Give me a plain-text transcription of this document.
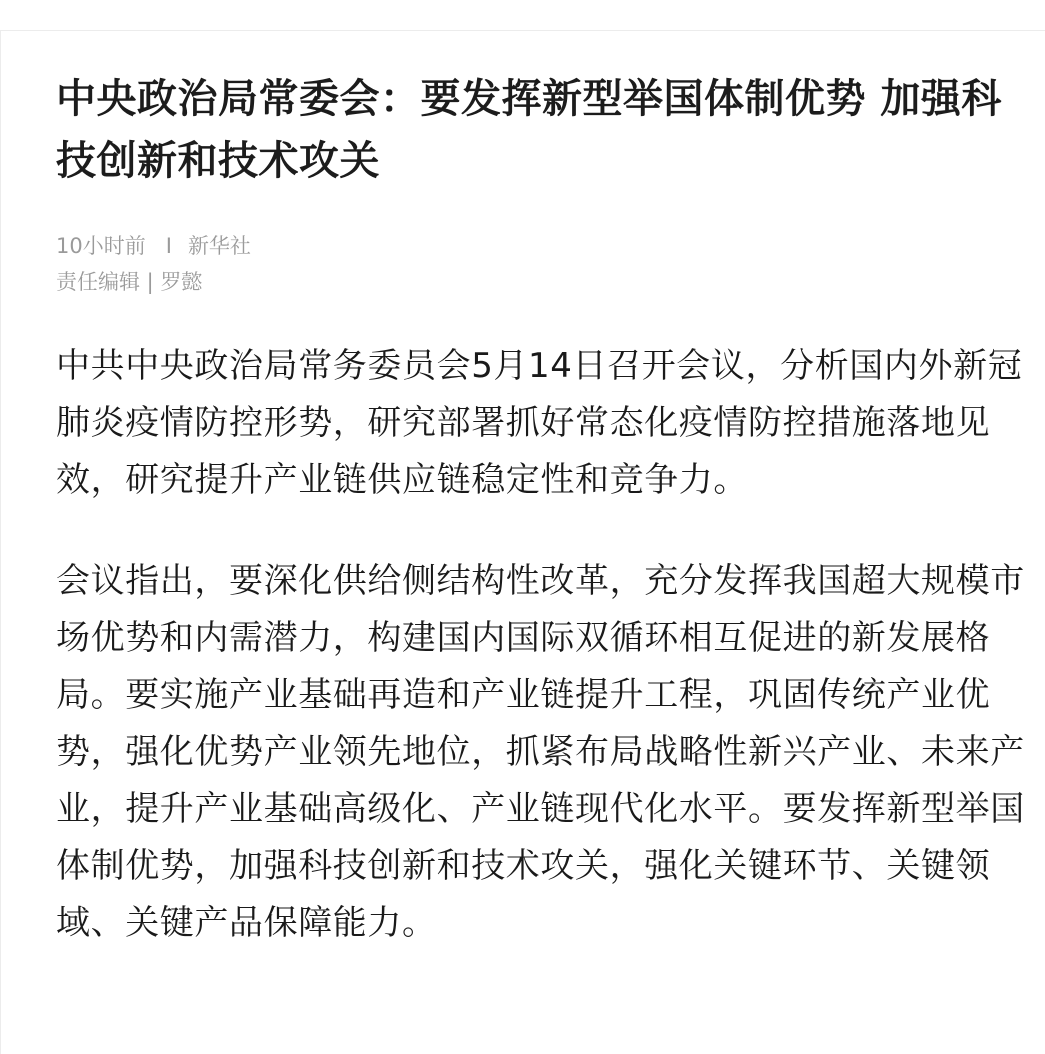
中央政治局常委会：要发挥新型举国体制优势 加强科技创新和技术攻关
10小时前 I 新华社
责任编辑 | 罗懿

中共中央政治局常务委员会5月14日召开会议，分析国内外新冠肺炎疫情防控形势，研究部署抓好常态化疫情防控措施落地见效，研究提升产业链供应链稳定性和竞争力。

会议指出，要深化供给侧结构性改革，充分发挥我国超大规模市场优势和内需潜力，构建国内国际双循环相互促进的新发展格局。要实施产业基础再造和产业链提升工程，巩固传统产业优势，强化优势产业领先地位，抓紧布局战略性新兴产业、未来产业，提升产业基础高级化、产业链现代化水平。要发挥新型举国体制优势，加强科技创新和技术攻关，强化关键环节、关键领域、关键产品保障能力。
